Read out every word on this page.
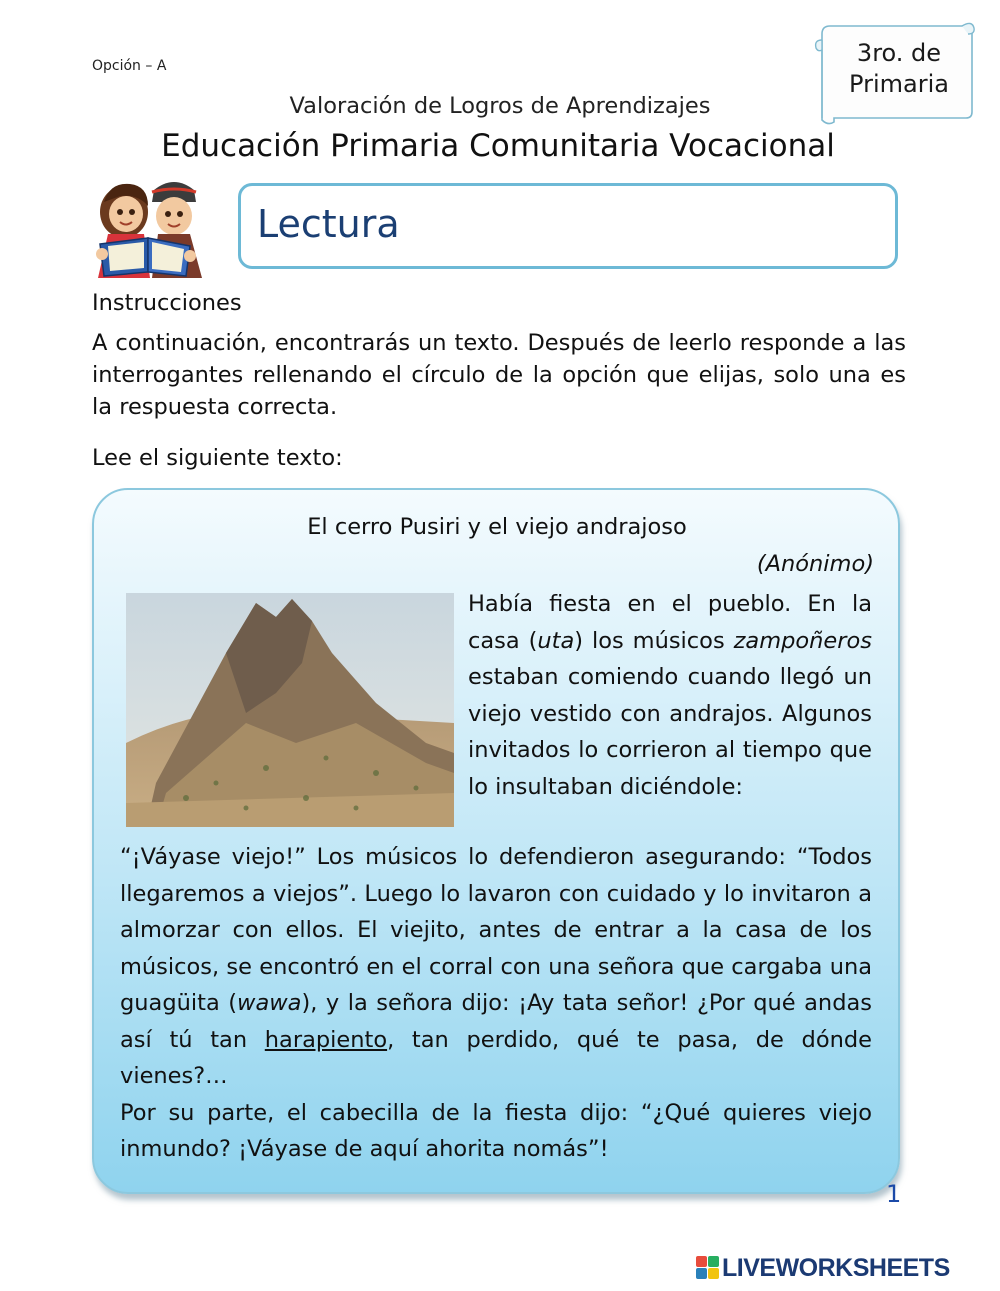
Opción – A	3ro. de
Primaria
Valoración de Logros de Aprendizajes
Educación Primaria Comunitaria Vocacional
Lectura
Instrucciones
A continuación, encontrarás un texto. Después de leerlo responde a las interrogantes rellenando el círculo de la opción que elijas, solo una es la respuesta correcta.
Lee el siguiente texto:
El cerro Pusiri y el viejo andrajoso
(Anónimo)
Había fiesta en el pueblo. En la casa (uta) los músicos zampoñeros estaban comiendo cuando llegó un viejo vestido con andrajos. Algunos invitados lo corrieron al tiempo que lo insultaban diciéndole:
“¡Váyase viejo!” Los músicos lo defendieron asegurando: “Todos llegaremos a viejos”. Luego lo lavaron con cuidado y lo invitaron a almorzar con ellos. El viejito, antes de entrar a la casa de los músicos, se encontró en el corral con una señora que cargaba una guagüita (wawa), y la señora dijo: ¡Ay tata señor! ¿Por qué andas así tú tan harapiento, tan perdido, qué te pasa, de dónde vienes?…
Por su parte, el cabecilla de la fiesta dijo: “¿Qué quieres viejo inmundo? ¡Váyase de aquí ahorita nomás”!
1
LIVEWORKSHEETS
